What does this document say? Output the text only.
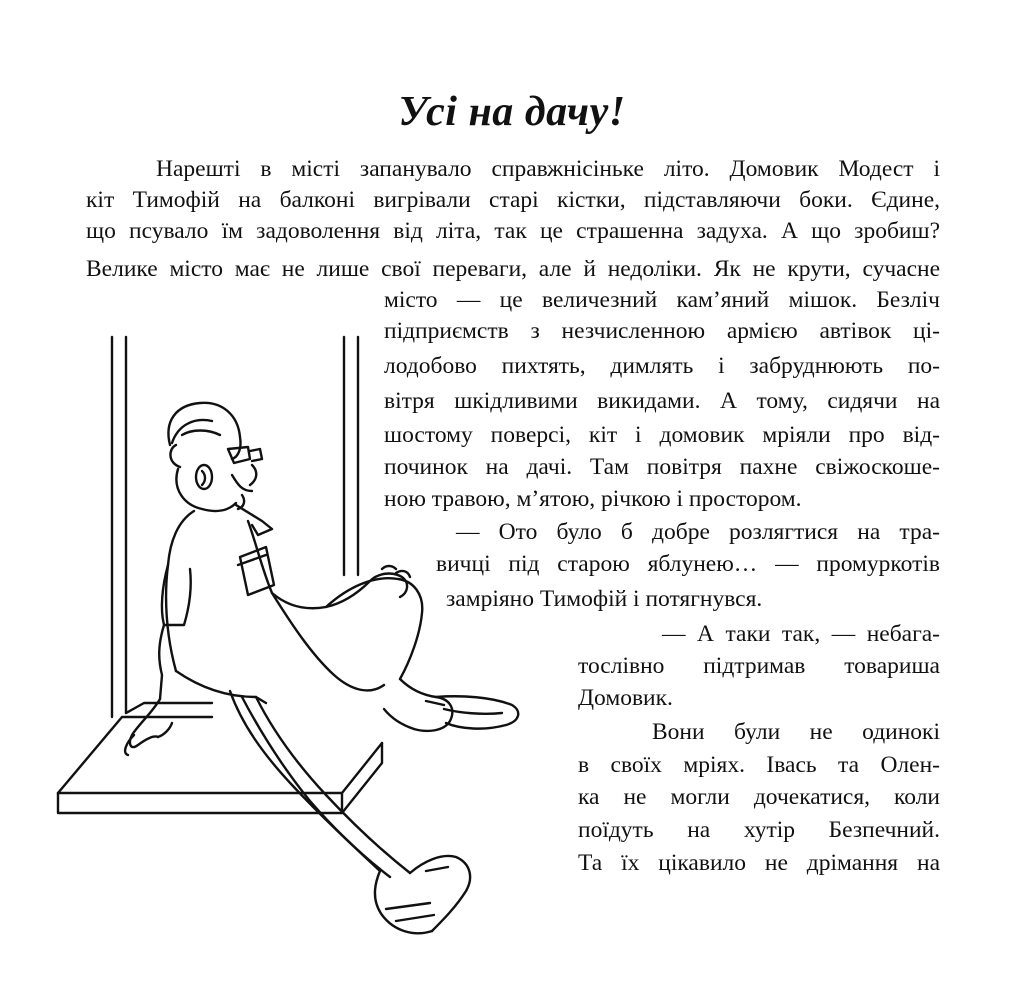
Усі на дачу!
Нарешті в місті запанувало справжнісіньке літо. Домовик Модест і
кіт Тимофій на балконі вигрівали старі кістки, підставляючи боки. Єдине,
що псувало їм задоволення від літа, так це страшенна задуха. А що зробиш?
Велике місто має не лише свої переваги, але й недоліки. Як не крути, сучасне
місто — це величезний кам’яний мішок. Безліч
підприємств з незчисленною армією автівок ці-
лодобово пихтять, димлять і забруднюють по-
вітря шкідливими викидами. А тому, сидячи на
шостому поверсі, кіт і домовик мріяли про від-
починок на дачі. Там повітря пахне свіжоскоше-
ною травою, м’ятою, річкою і простором.
— Ото було б добре розлягтися на тра-
вичці під старою яблунею… — промуркотів
замріяно Тимофій і потягнувся.
— А таки так, — небага-
тослівно підтримав товариша
Домовик.
Вони були не одинокі
в своїх мріях. Івась та Олен-
ка не могли дочекатися, коли
поїдуть на хутір Безпечний.
Та їх цікавило не дрімання на
